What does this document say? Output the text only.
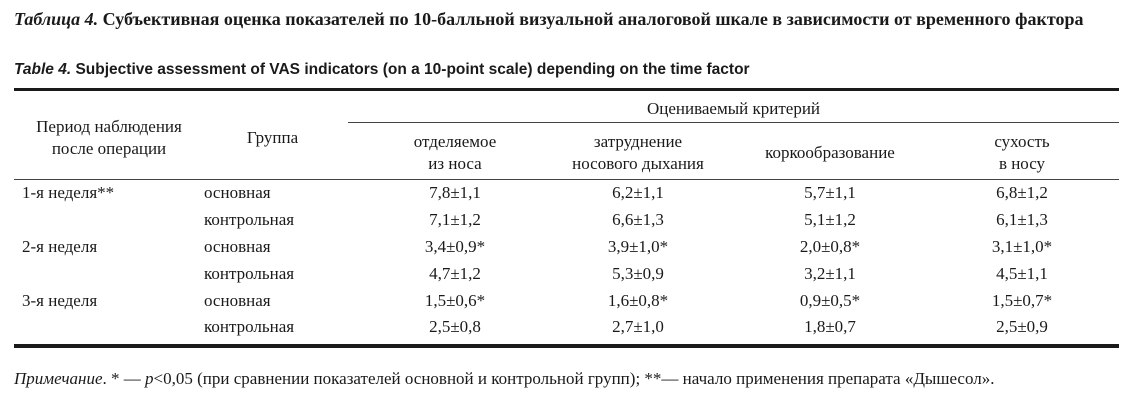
Таблица 4. Субъективная оценка показателей по 10-балльной визуальной аналоговой шкале в зависимости от временного фактора
Table 4. Subjective assessment of VAS indicators (on a 10-point scale) depending on the time factor
Период наблюдения
после операции
Группа
Оцениваемый критерий
отделяемое
из носа
затруднение
носового дыхания
коркообразование
сухость
в носу
1-я неделя**	основная	7,8±1,1	6,2±1,1	5,7±1,1	6,8±1,2
контрольная	7,1±1,2	6,6±1,3	5,1±1,2	6,1±1,3
2-я неделя	основная	3,4±0,9*	3,9±1,0*	2,0±0,8*	3,1±1,0*
контрольная	4,7±1,2	5,3±0,9	3,2±1,1	4,5±1,1
3-я неделя	основная	1,5±0,6*	1,6±0,8*	0,9±0,5*	1,5±0,7*
контрольная	2,5±0,8	2,7±1,0	1,8±0,7	2,5±0,9
Примечание. * — p<0,05 (при сравнении показателей основной и контрольной групп); **— начало применения препарата «Дышесол».
